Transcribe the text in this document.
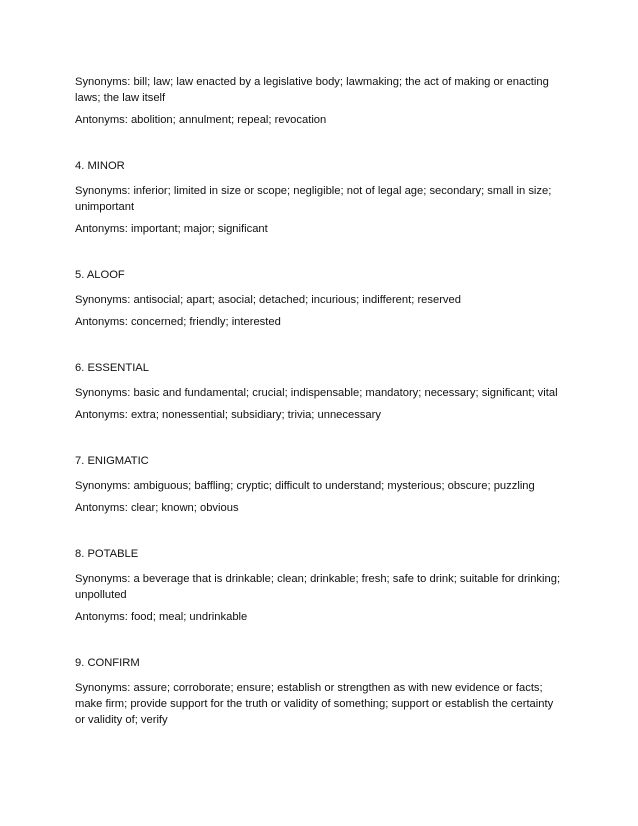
Synonyms: bill; law; law enacted by a legislative body; lawmaking; the act of making or enacting laws; the law itself

Antonyms: abolition; annulment; repeal; revocation

4. MINOR

Synonyms: inferior; limited in size or scope; negligible; not of legal age; secondary; small in size; unimportant

Antonyms: important; major; significant

5. ALOOF

Synonyms: antisocial; apart; asocial; detached; incurious; indifferent; reserved

Antonyms: concerned; friendly; interested

6. ESSENTIAL

Synonyms: basic and fundamental; crucial; indispensable; mandatory; necessary; significant; vital

Antonyms: extra; nonessential; subsidiary; trivia; unnecessary

7. ENIGMATIC

Synonyms: ambiguous; baffling; cryptic; difficult to understand; mysterious; obscure; puzzling

Antonyms: clear; known; obvious

8. POTABLE

Synonyms: a beverage that is drinkable; clean; drinkable; fresh; safe to drink; suitable for drinking; unpolluted

Antonyms: food; meal; undrinkable

9. CONFIRM

Synonyms: assure; corroborate; ensure; establish or strengthen as with new evidence or facts; make firm; provide support for the truth or validity of something; support or establish the certainty or validity of; verify
